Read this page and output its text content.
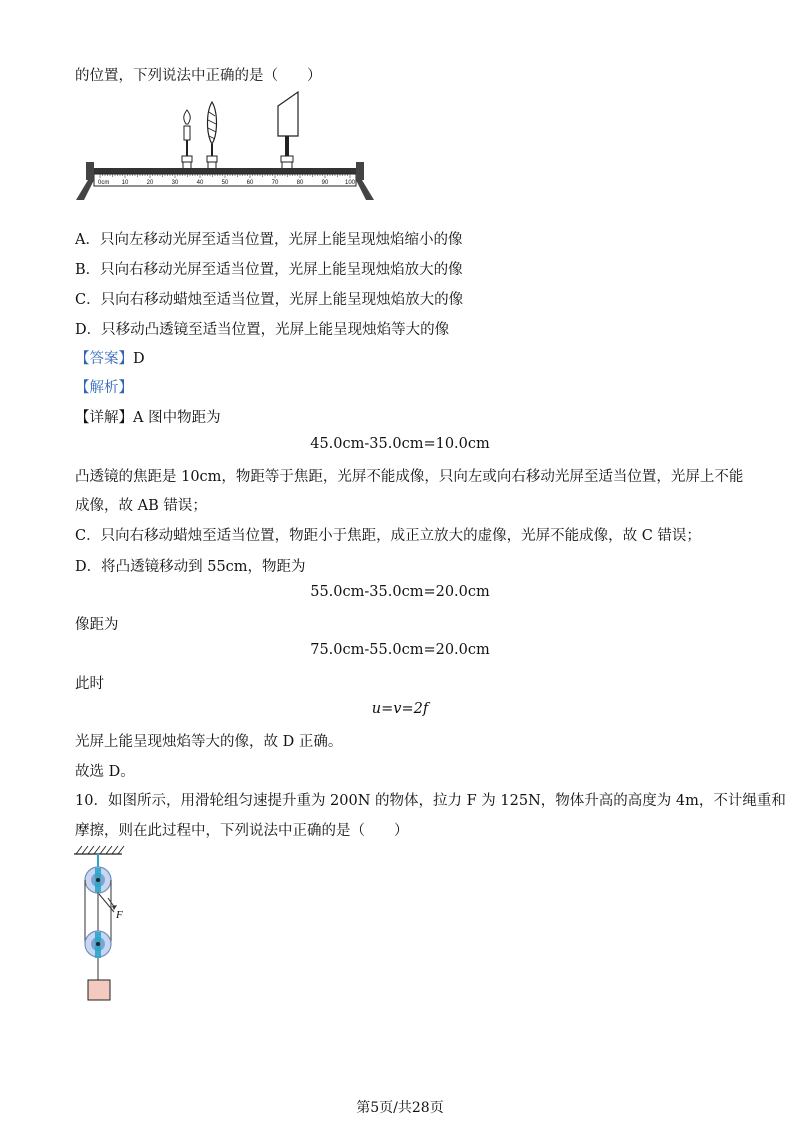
的位置，下列说法中正确的是（　　）
0cm 10	20	30	40	50	60	70	80	90	100
A．只向左移动光屏至适当位置，光屏上能呈现烛焰缩小的像
B．只向右移动光屏至适当位置，光屏上能呈现烛焰放大的像
C．只向右移动蜡烛至适当位置，光屏上能呈现烛焰放大的像
D．只移动凸透镜至适当位置，光屏上能呈现烛焰等大的像
【答案】D
【解析】
【详解】A 图中物距为
45.0cm-35.0cm=10.0cm
凸透镜的焦距是 10cm，物距等于焦距，光屏不能成像，只向左或向右移动光屏至适当位置，光屏上不能
成像，故 AB 错误；
C．只向右移动蜡烛至适当位置，物距小于焦距，成正立放大的虚像，光屏不能成像，故 C 错误；
D．将凸透镜移动到 55cm，物距为
55.0cm-35.0cm=20.0cm
像距为
75.0cm-55.0cm=20.0cm
此时
u=v=2f
光屏上能呈现烛焰等大的像，故 D 正确。
故选 D。
10．如图所示，用滑轮组匀速提升重为 200N 的物体，拉力 F 为 125N，物体升高的高度为 4m，不计绳重和
摩擦，则在此过程中，下列说法中正确的是（　　）
F
第5页/共28页
